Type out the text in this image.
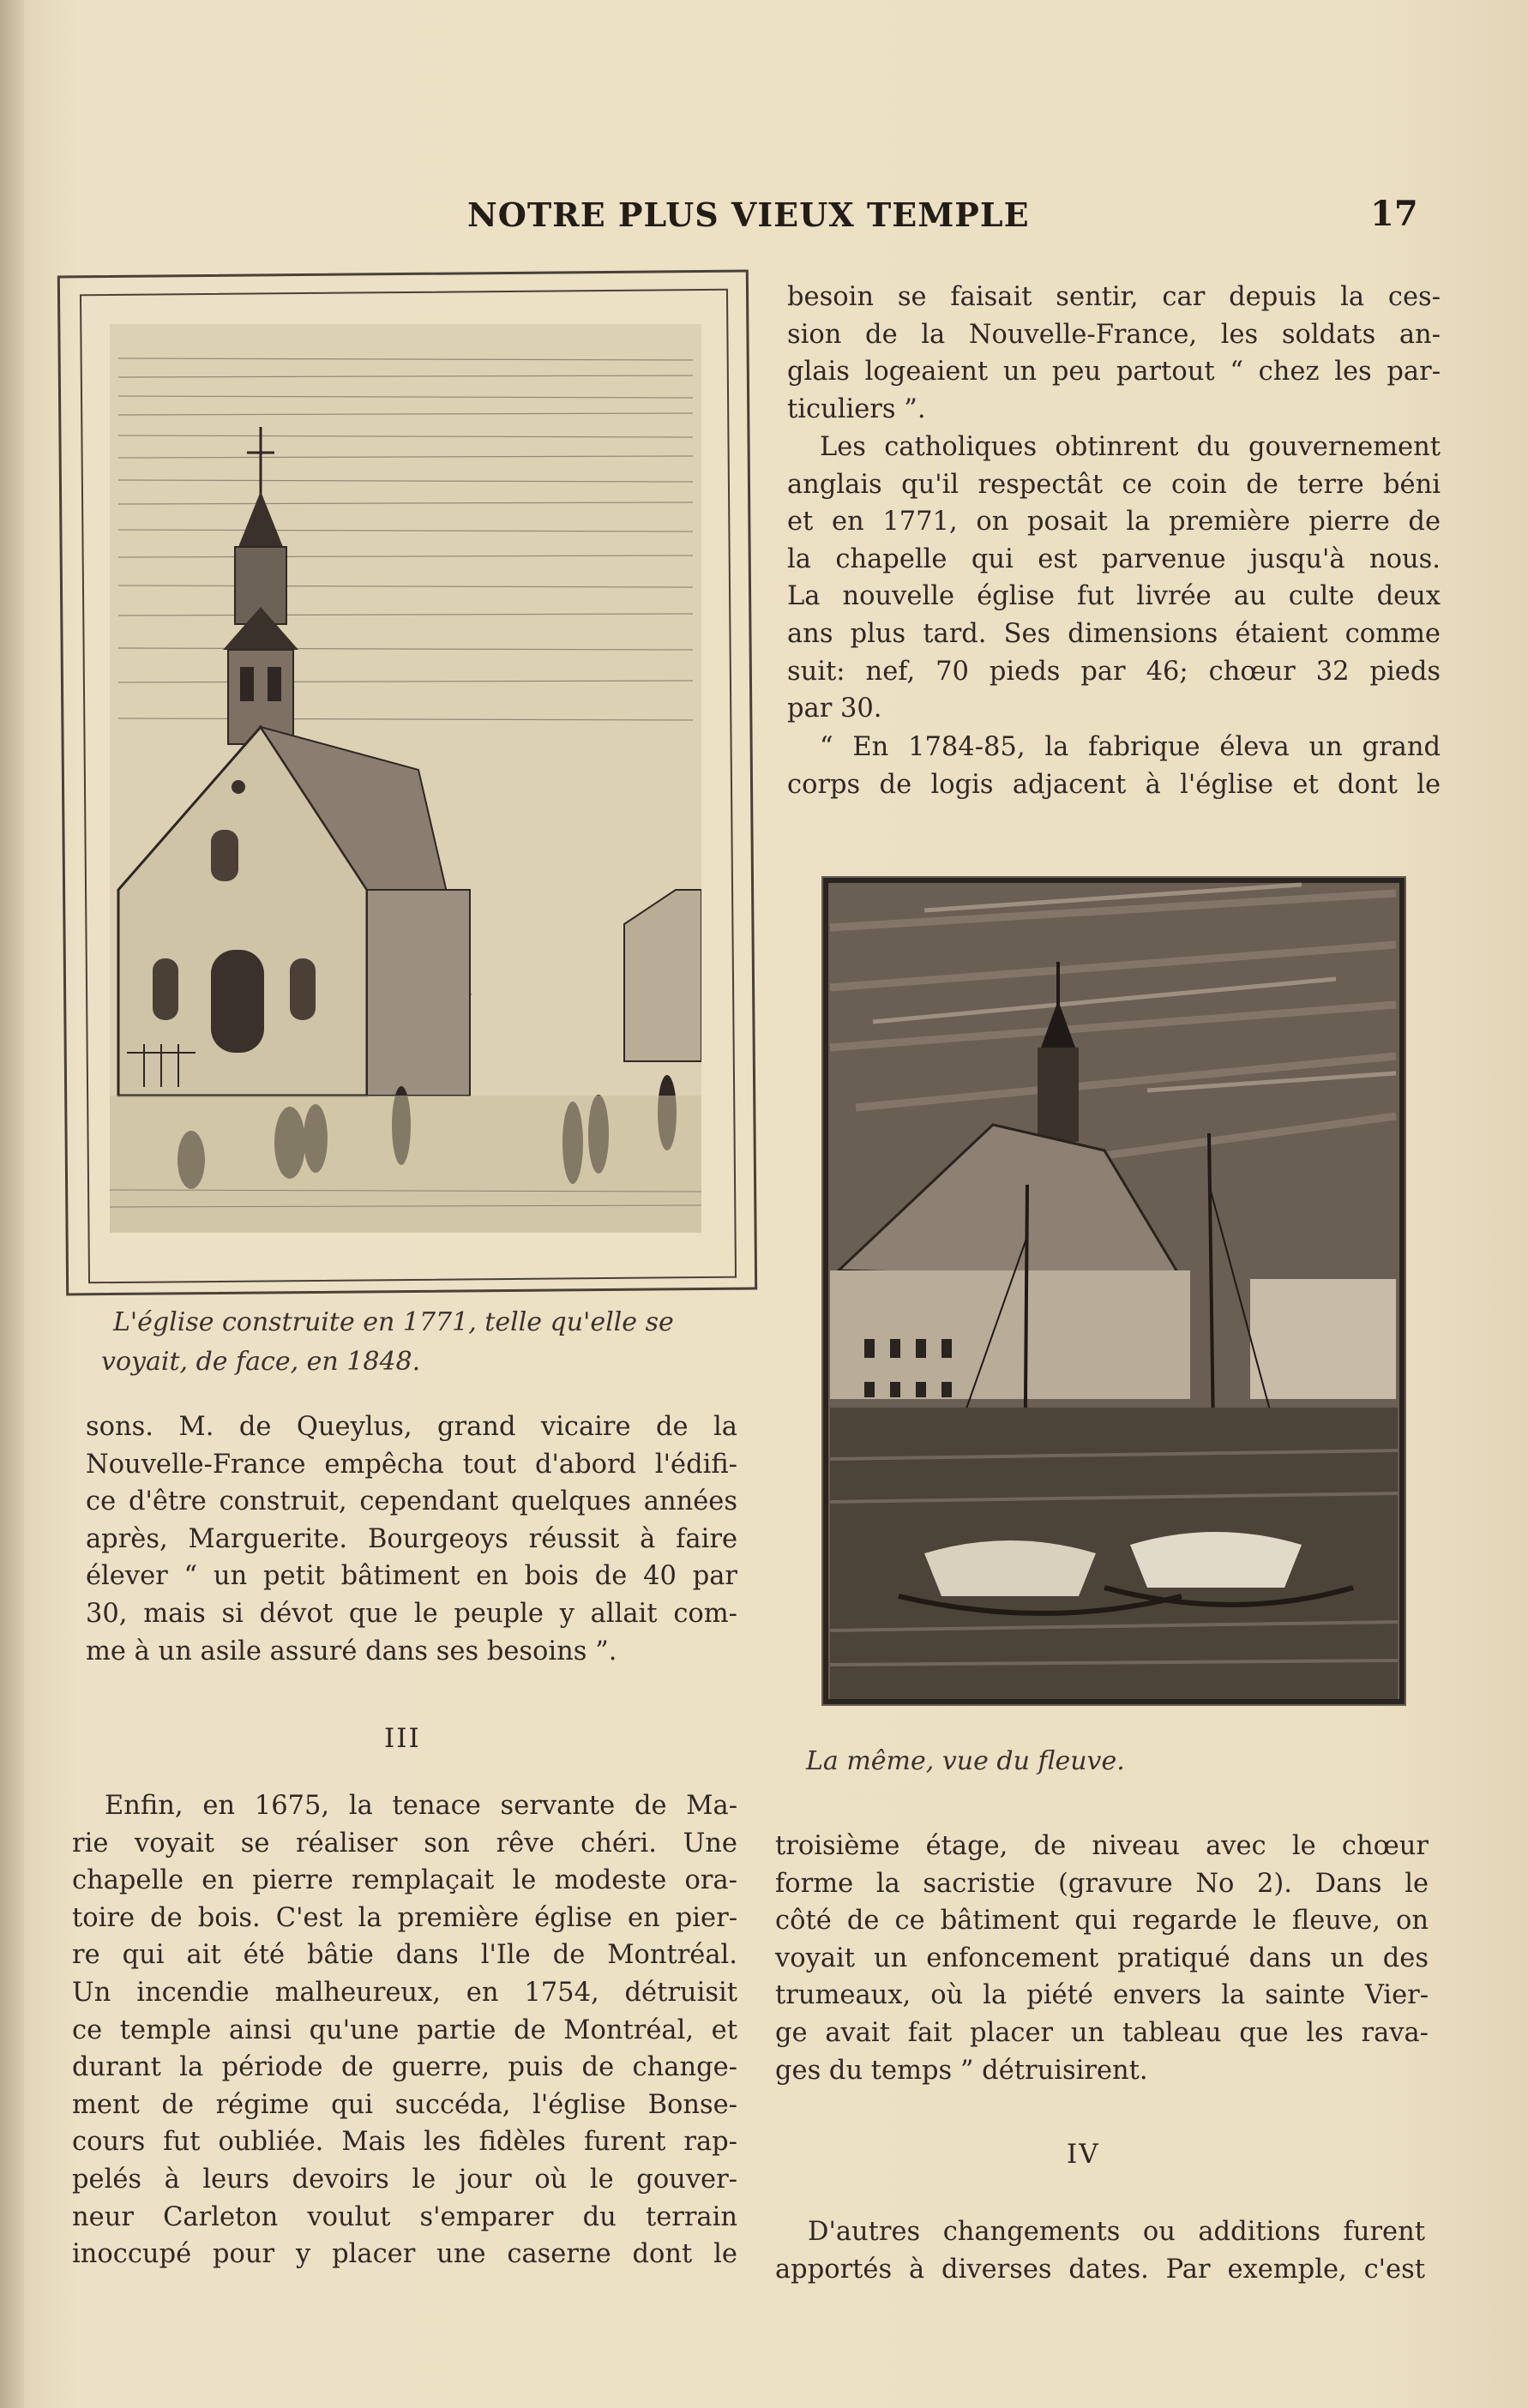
NOTRE PLUS VIEUX TEMPLE	17
L'église construite en 1771, telle qu'elle se
voyait, de face, en 1848.
sons. M. de Queylus, grand vicaire de la
Nouvelle-France empêcha tout d'abord l'édifi-
ce d'être construit, cependant quelques années
après, Marguerite. Bourgeoys réussit à faire
élever “ un petit bâtiment en bois de 40 par
30, mais si dévot que le peuple y allait com-
me à un asile assuré dans ses besoins ”.
III
Enfin, en 1675, la tenace servante de Ma-
rie voyait se réaliser son rêve chéri. Une
chapelle en pierre remplaçait le modeste ora-
toire de bois. C'est la première église en pier-
re qui ait été bâtie dans l'Ile de Montréal.
Un incendie malheureux, en 1754, détruisit
ce temple ainsi qu'une partie de Montréal, et
durant la période de guerre, puis de change-
ment de régime qui succéda, l'église Bonse-
cours fut oubliée. Mais les fidèles furent rap-
pelés à leurs devoirs le jour où le gouver-
neur Carleton voulut s'emparer du terrain
inoccupé pour y placer une caserne dont le
besoin se faisait sentir, car depuis la ces-
sion de la Nouvelle-France, les soldats an-
glais logeaient un peu partout “ chez les par-
ticuliers ”.
Les catholiques obtinrent du gouvernement
anglais qu'il respectât ce coin de terre béni
et en 1771, on posait la première pierre de
la chapelle qui est parvenue jusqu'à nous.
La nouvelle église fut livrée au culte deux
ans plus tard. Ses dimensions étaient comme
suit: nef, 70 pieds par 46; chœur 32 pieds
par 30.
“ En 1784-85, la fabrique éleva un grand
corps de logis adjacent à l'église et dont le
La même, vue du fleuve.
troisième étage, de niveau avec le chœur
forme la sacristie (gravure No 2). Dans le
côté de ce bâtiment qui regarde le fleuve, on
voyait un enfoncement pratiqué dans un des
trumeaux, où la piété envers la sainte Vier-
ge avait fait placer un tableau que les rava-
ges du temps ” détruisirent.
IV
D'autres changements ou additions furent
apportés à diverses dates. Par exemple, c'est
